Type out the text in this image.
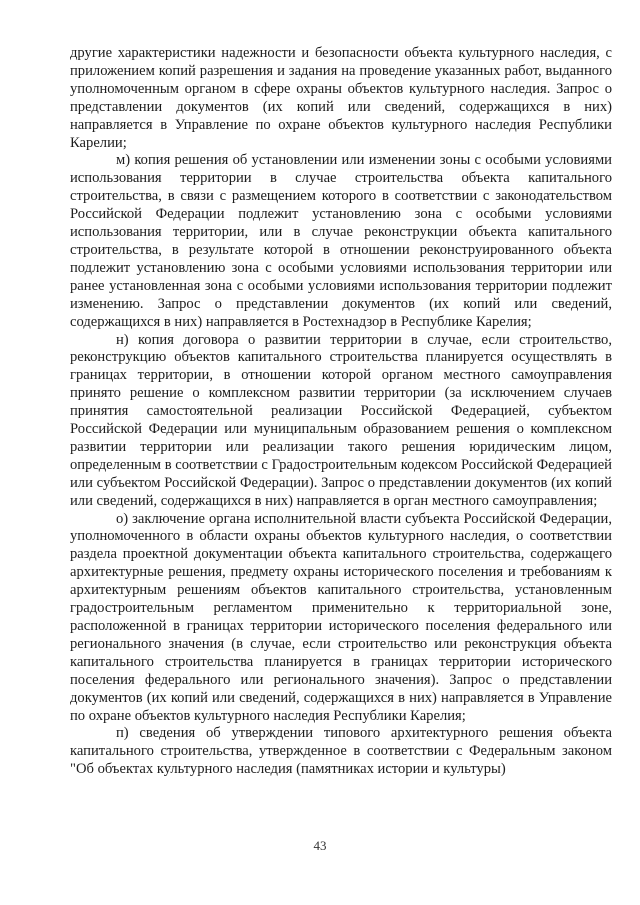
другие характеристики надежности и безопасности объекта культурного наследия, с приложением копий разрешения и задания на проведение указанных работ, выданного уполномоченным органом в сфере охраны объектов культурного наследия. Запрос о представлении документов (их копий или сведений, содержащихся в них) направляется в Управление по охране объектов культурного наследия Республики Карелии;

м) копия решения об установлении или изменении зоны с особыми условиями использования территории в случае строительства объекта капитального строительства, в связи с размещением которого в соответствии с законодательством Российской Федерации подлежит установлению зона с особыми условиями использования территории, или в случае реконструкции объекта капитального строительства, в результате которой в отношении реконструированного объекта подлежит установлению зона с особыми условиями использования территории или ранее установленная зона с особыми условиями использования территории подлежит изменению. Запрос о представлении документов (их копий или сведений, содержащихся в них) направляется в Ростехнадзор в Республике Карелия;

н) копия договора о развитии территории в случае, если строительство, реконструкцию объектов капитального строительства планируется осуществлять в границах территории, в отношении которой органом местного самоуправления принято решение о комплексном развитии территории (за исключением случаев принятия самостоятельной реализации Российской Федерацией, субъектом Российской Федерации или муниципальным образованием решения о комплексном развитии территории или реализации такого решения юридическим лицом, определенным в соответствии с Градостроительным кодексом Российской Федерацией или субъектом Российской Федерации). Запрос о представлении документов (их копий или сведений, содержащихся в них) направляется в орган местного самоуправления;

о) заключение органа исполнительной власти субъекта Российской Федерации, уполномоченного в области охраны объектов культурного наследия, о соответствии раздела проектной документации объекта капитального строительства, содержащего архитектурные решения, предмету охраны исторического поселения и требованиям к архитектурным решениям объектов капитального строительства, установленным градостроительным регламентом применительно к территориальной зоне, расположенной в границах территории исторического поселения федерального или регионального значения (в случае, если строительство или реконструкция объекта капитального строительства планируется в границах территории исторического поселения федерального или регионального значения). Запрос о представлении документов (их копий или сведений, содержащихся в них) направляется в Управление по охране объектов культурного наследия Республики Карелия;

п) сведения об утверждении типового архитектурного решения объекта капитального строительства, утвержденное в соответствии с Федеральным законом "Об объектах культурного наследия (памятниках истории и культуры)

43
